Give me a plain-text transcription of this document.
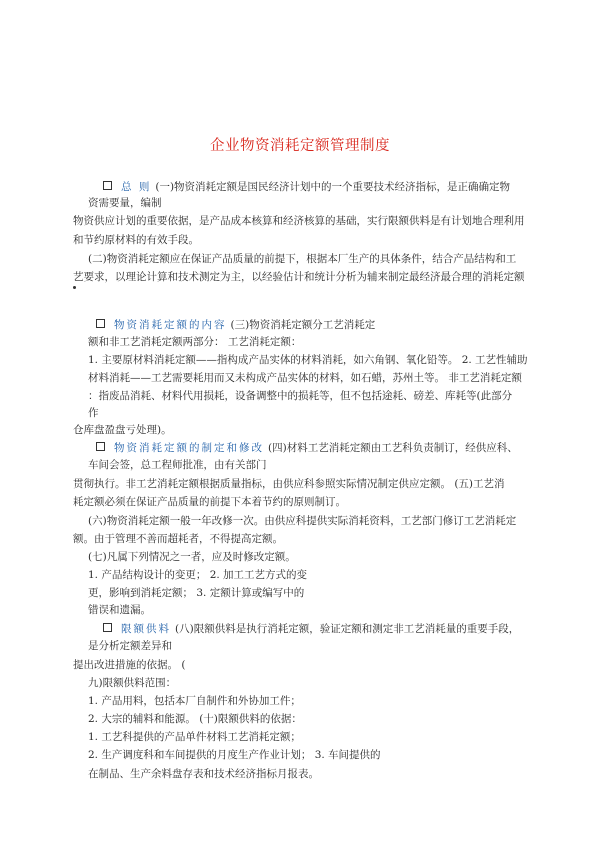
企业物资消耗定额管理制度
总 则 (一)物资消耗定额是国民经济计划中的一个重要技术经济指标，是正确确定物
资需要量，编制
物资供应计划的重要依据，是产品成本核算和经济核算的基础，实行限额供料是有计划地合理利用
和节约原材料的有效手段。
(二)物资消耗定额应在保证产品质量的前提下，根据本厂生产的具体条件，结合产品结构和工
艺要求，以理论计算和技术测定为主，以经验估计和统计分析为辅来制定最经济最合理的消耗定额
物资消耗定额的内容 (三)物资消耗定额分工艺消耗定
额和非工艺消耗定额两部分： 工艺消耗定额：
1. 主要原材料消耗定额——指构成产品实体的材料消耗，如六角钢、氧化铅等。 2. 工艺性辅助
材料消耗——工艺需要耗用而又未构成产品实体的材料，如石蜡，苏州土等。 非工艺消耗定额
：指废品消耗、材料代用损耗，设备调整中的损耗等，但不包括途耗、磅差、库耗等(此部分
作
仓库盘盈盘亏处理)。
物资消耗定额的制定和修改 (四)材料工艺消耗定额由工艺科负责制订，经供应科、
车间会签，总工程师批准，由有关部门
贯彻执行。非工艺消耗定额根据质量指标，由供应科参照实际情况制定供应定额。 (五)工艺消
耗定额必须在保证产品质量的前提下本着节约的原则制订。
(六)物资消耗定额一般一年改修一次。由供应科提供实际消耗资料，工艺部门修订工艺消耗定
额。由于管理不善而超耗者，不得提高定额。
(七)凡属下列情况之一者，应及时修改定额。
1. 产品结构设计的变更； 2. 加工工艺方式的变
更，影响到消耗定额； 3. 定额计算或编写中的
错误和遗漏。
限额供料 (八)限额供料是执行消耗定额，验证定额和测定非工艺消耗量的重要手段，
是分析定额差异和
提出改进措施的依据。 (
九)限额供料范围：
1. 产品用料，包括本厂自制件和外协加工件；
2. 大宗的辅料和能源。 (十)限额供料的依据：
1. 工艺科提供的产品单件材料工艺消耗定额；
2. 生产调度科和车间提供的月度生产作业计划； 3. 车间提供的
在制品、生产余料盘存表和技术经济指标月报表。
